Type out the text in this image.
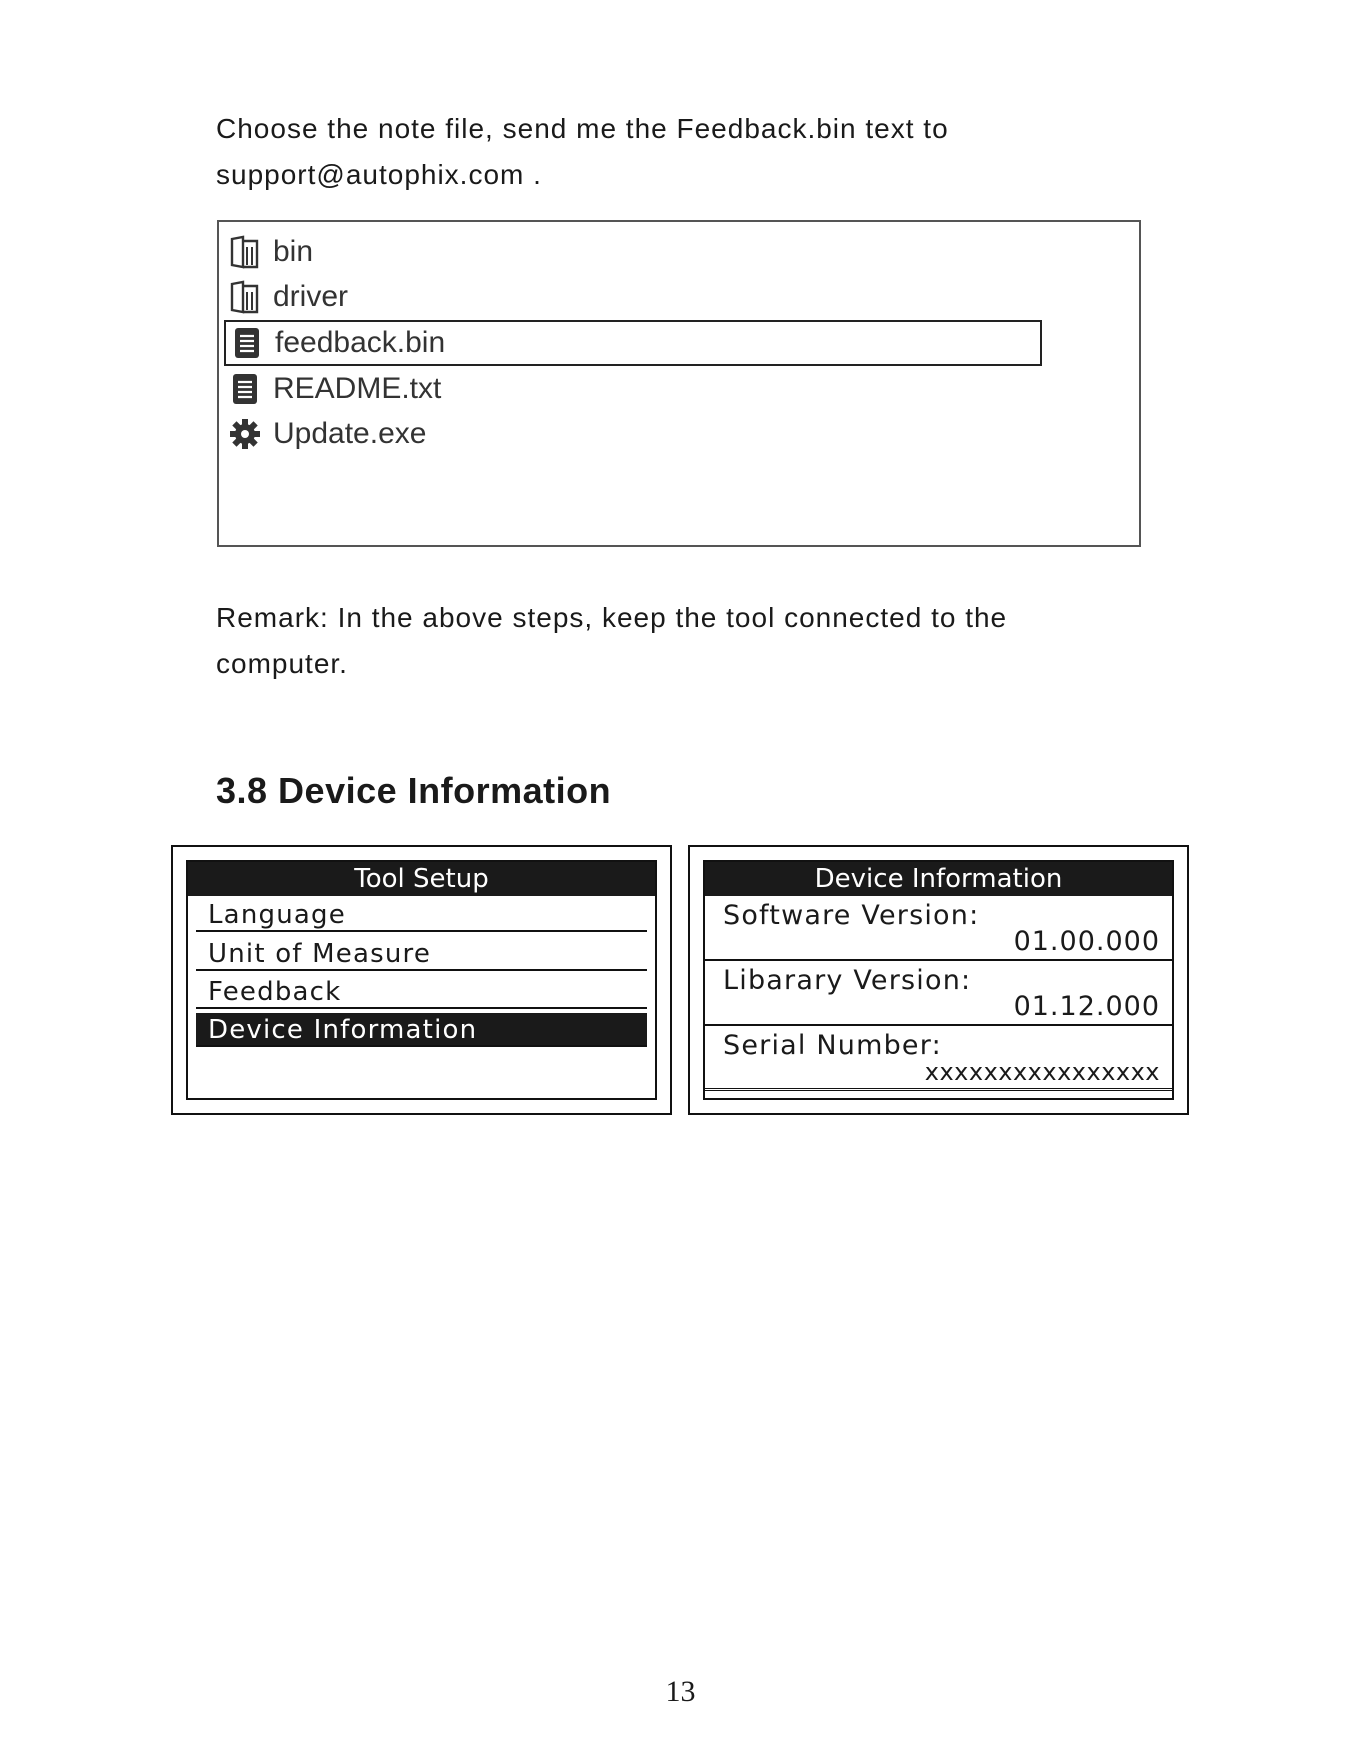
Choose the note file, send me the Feedback.bin text to
support@autophix.com .

bin
driver
feedback.bin
README.txt
Update.exe

Remark: In the above steps, keep the tool connected to the
computer.

3.8 Device Information
Tool Setup
Language
Unit of Measure
Feedback
Device Information
Device Information
Software Version:
01.00.000
Libarary Version:
01.12.000
Serial Number:
xxxxxxxxxxxxxxxx
13
